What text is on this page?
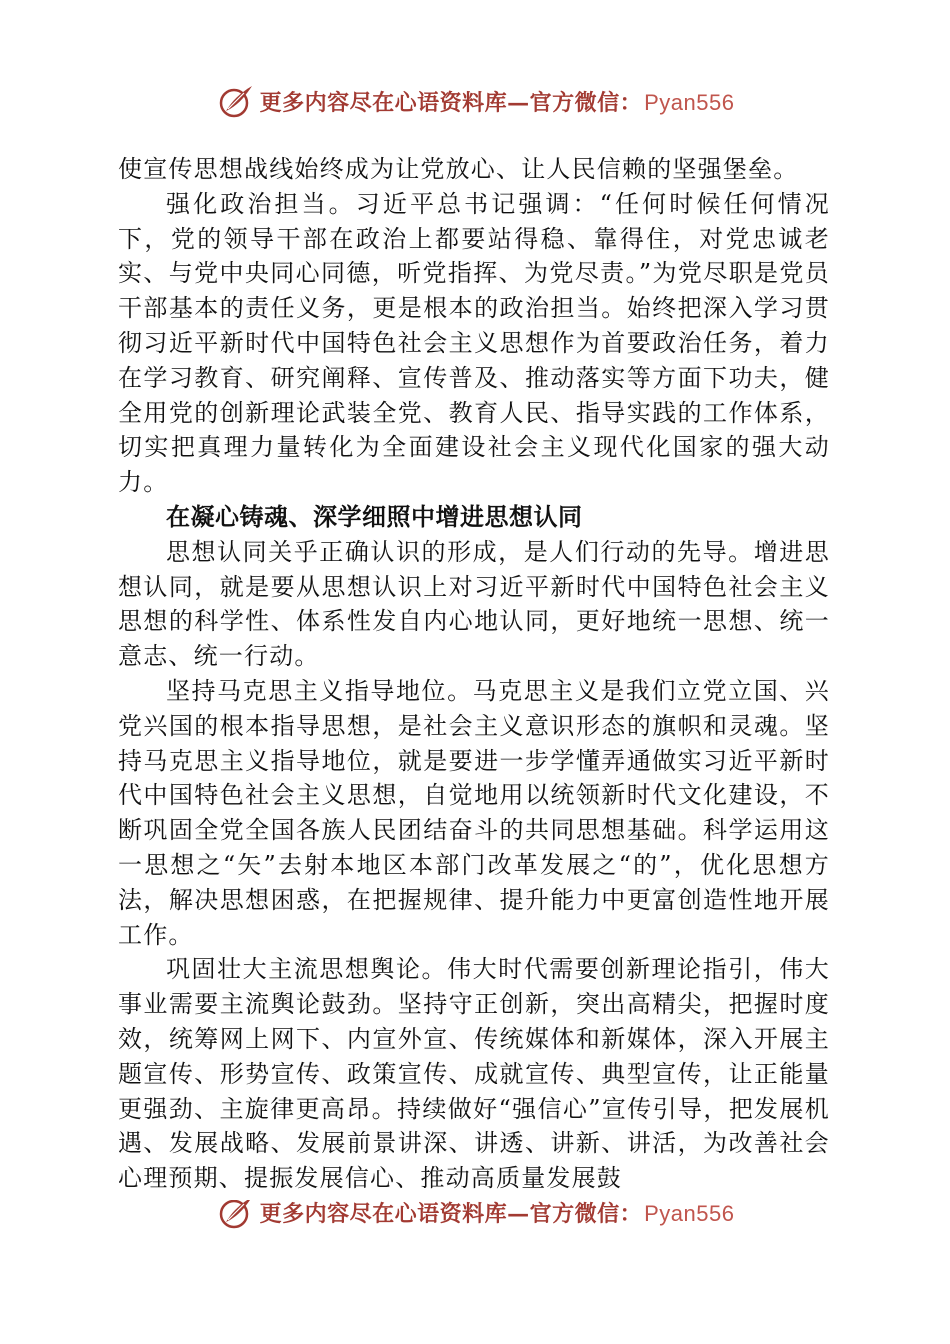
更多内容尽在心语资料库—官方微信：Pyan556

使宣传思想战线始终成为让党放心、让人民信赖的坚强堡垒。

强化政治担当。习近平总书记强调：“任何时候任何情况下，党的领导干部在政治上都要站得稳、靠得住，对党忠诚老实、与党中央同心同德，听党指挥、为党尽责。”为党尽职是党员干部基本的责任义务，更是根本的政治担当。始终把深入学习贯彻习近平新时代中国特色社会主义思想作为首要政治任务，着力在学习教育、研究阐释、宣传普及、推动落实等方面下功夫，健全用党的创新理论武装全党、教育人民、指导实践的工作体系，切实把真理力量转化为全面建设社会主义现代化国家的强大动力。

在凝心铸魂、深学细照中增进思想认同

思想认同关乎正确认识的形成，是人们行动的先导。增进思想认同，就是要从思想认识上对习近平新时代中国特色社会主义思想的科学性、体系性发自内心地认同，更好地统一思想、统一意志、统一行动。

坚持马克思主义指导地位。马克思主义是我们立党立国、兴党兴国的根本指导思想，是社会主义意识形态的旗帜和灵魂。坚持马克思主义指导地位，就是要进一步学懂弄通做实习近平新时代中国特色社会主义思想，自觉地用以统领新时代文化建设，不断巩固全党全国各族人民团结奋斗的共同思想基础。科学运用这一思想之“矢”去射本地区本部门改革发展之“的”，优化思想方法，解决思想困惑，在把握规律、提升能力中更富创造性地开展工作。

巩固壮大主流思想舆论。伟大时代需要创新理论指引，伟大事业需要主流舆论鼓劲。坚持守正创新，突出高精尖，把握时度效，统筹网上网下、内宣外宣、传统媒体和新媒体，深入开展主题宣传、形势宣传、政策宣传、成就宣传、典型宣传，让正能量更强劲、主旋律更高昂。持续做好“强信心”宣传引导，把发展机遇、发展战略、发展前景讲深、讲透、讲新、讲活，为改善社会心理预期、提振发展信心、推动高质量发展鼓

更多内容尽在心语资料库—官方微信：Pyan556
